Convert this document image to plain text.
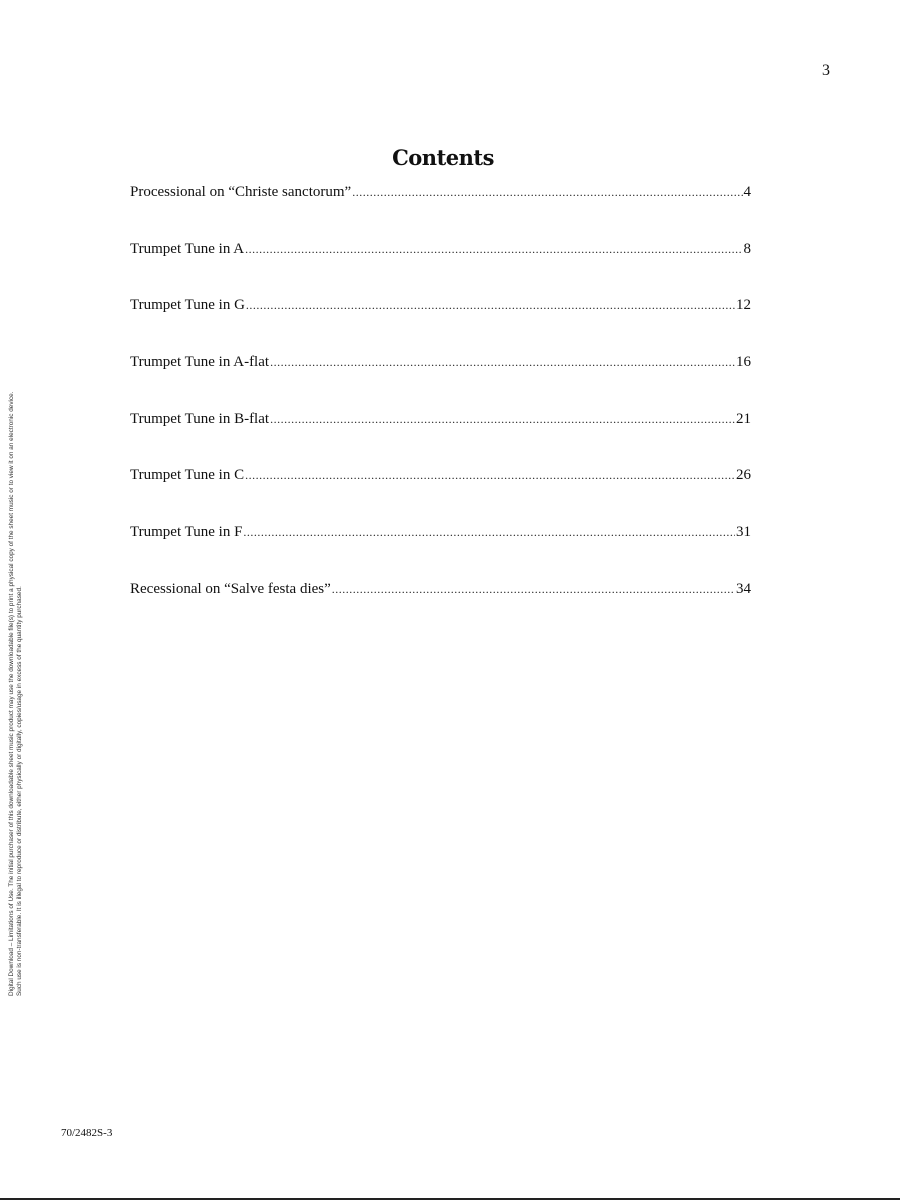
3
Contents
Processional on “Christe sanctorum” .....	4
Trumpet Tune in A .....	8
Trumpet Tune in G .....	12
Trumpet Tune in A-flat .....	16
Trumpet Tune in B-flat .....	21
Trumpet Tune in C .....	26
Trumpet Tune in F .....	31
Recessional on “Salve festa dies” .....	34
Digital Download – Limitations of Use. The initial purchaser of this downloadable sheet music product may use the downloadable file(s) to print a physical copy of the sheet music or to view it on an electronic device. Such use is non-transferable. It is illegal to reproduce or distribute, either physically or digitally, copies/usage in excess of the quantity purchased.
70/2482S-3
